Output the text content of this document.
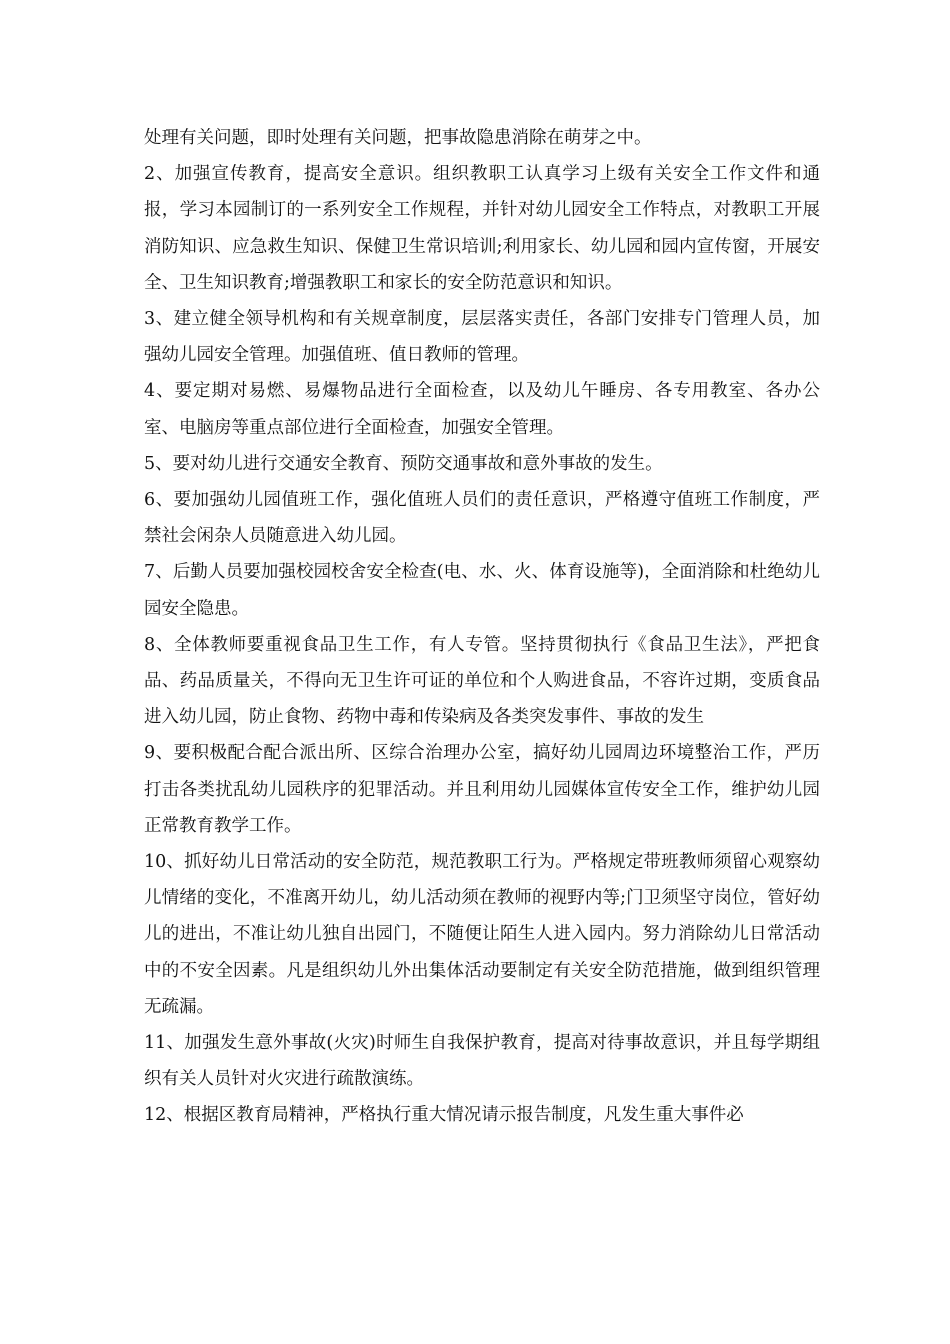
处理有关问题，即时处理有关问题，把事故隐患消除在萌芽之中。

2、加强宣传教育，提高安全意识。组织教职工认真学习上级有关安全工作文件和通报，学习本园制订的一系列安全工作规程，并针对幼儿园安全工作特点，对教职工开展消防知识、应急救生知识、保健卫生常识培训;利用家长、幼儿园和园内宣传窗，开展安全、卫生知识教育;增强教职工和家长的安全防范意识和知识。

3、建立健全领导机构和有关规章制度，层层落实责任，各部门安排专门管理人员，加强幼儿园安全管理。加强值班、值日教师的管理。

4、要定期对易燃、易爆物品进行全面检查，以及幼儿午睡房、各专用教室、各办公室、电脑房等重点部位进行全面检查，加强安全管理。

5、要对幼儿进行交通安全教育、预防交通事故和意外事故的发生。

6、要加强幼儿园值班工作，强化值班人员们的责任意识，严格遵守值班工作制度，严禁社会闲杂人员随意进入幼儿园。

7、后勤人员要加强校园校舍安全检查(电、水、火、体育设施等)，全面消除和杜绝幼儿园安全隐患。

8、全体教师要重视食品卫生工作，有人专管。坚持贯彻执行《食品卫生法》，严把食品、药品质量关，不得向无卫生许可证的单位和个人购进食品，不容许过期，变质食品进入幼儿园，防止食物、药物中毒和传染病及各类突发事件、事故的发生

9、要积极配合配合派出所、区综合治理办公室，搞好幼儿园周边环境整治工作，严历打击各类扰乱幼儿园秩序的犯罪活动。并且利用幼儿园媒体宣传安全工作，维护幼儿园正常教育教学工作。

10、抓好幼儿日常活动的安全防范，规范教职工行为。严格规定带班教师须留心观察幼儿情绪的变化，不准离开幼儿，幼儿活动须在教师的视野内等;门卫须坚守岗位，管好幼儿的进出，不准让幼儿独自出园门，不随便让陌生人进入园内。努力消除幼儿日常活动中的不安全因素。凡是组织幼儿外出集体活动要制定有关安全防范措施，做到组织管理无疏漏。

11、加强发生意外事故(火灾)时师生自我保护教育，提高对待事故意识，并且每学期组织有关人员针对火灾进行疏散演练。

12、根据区教育局精神，严格执行重大情况请示报告制度，凡发生重大事件必
